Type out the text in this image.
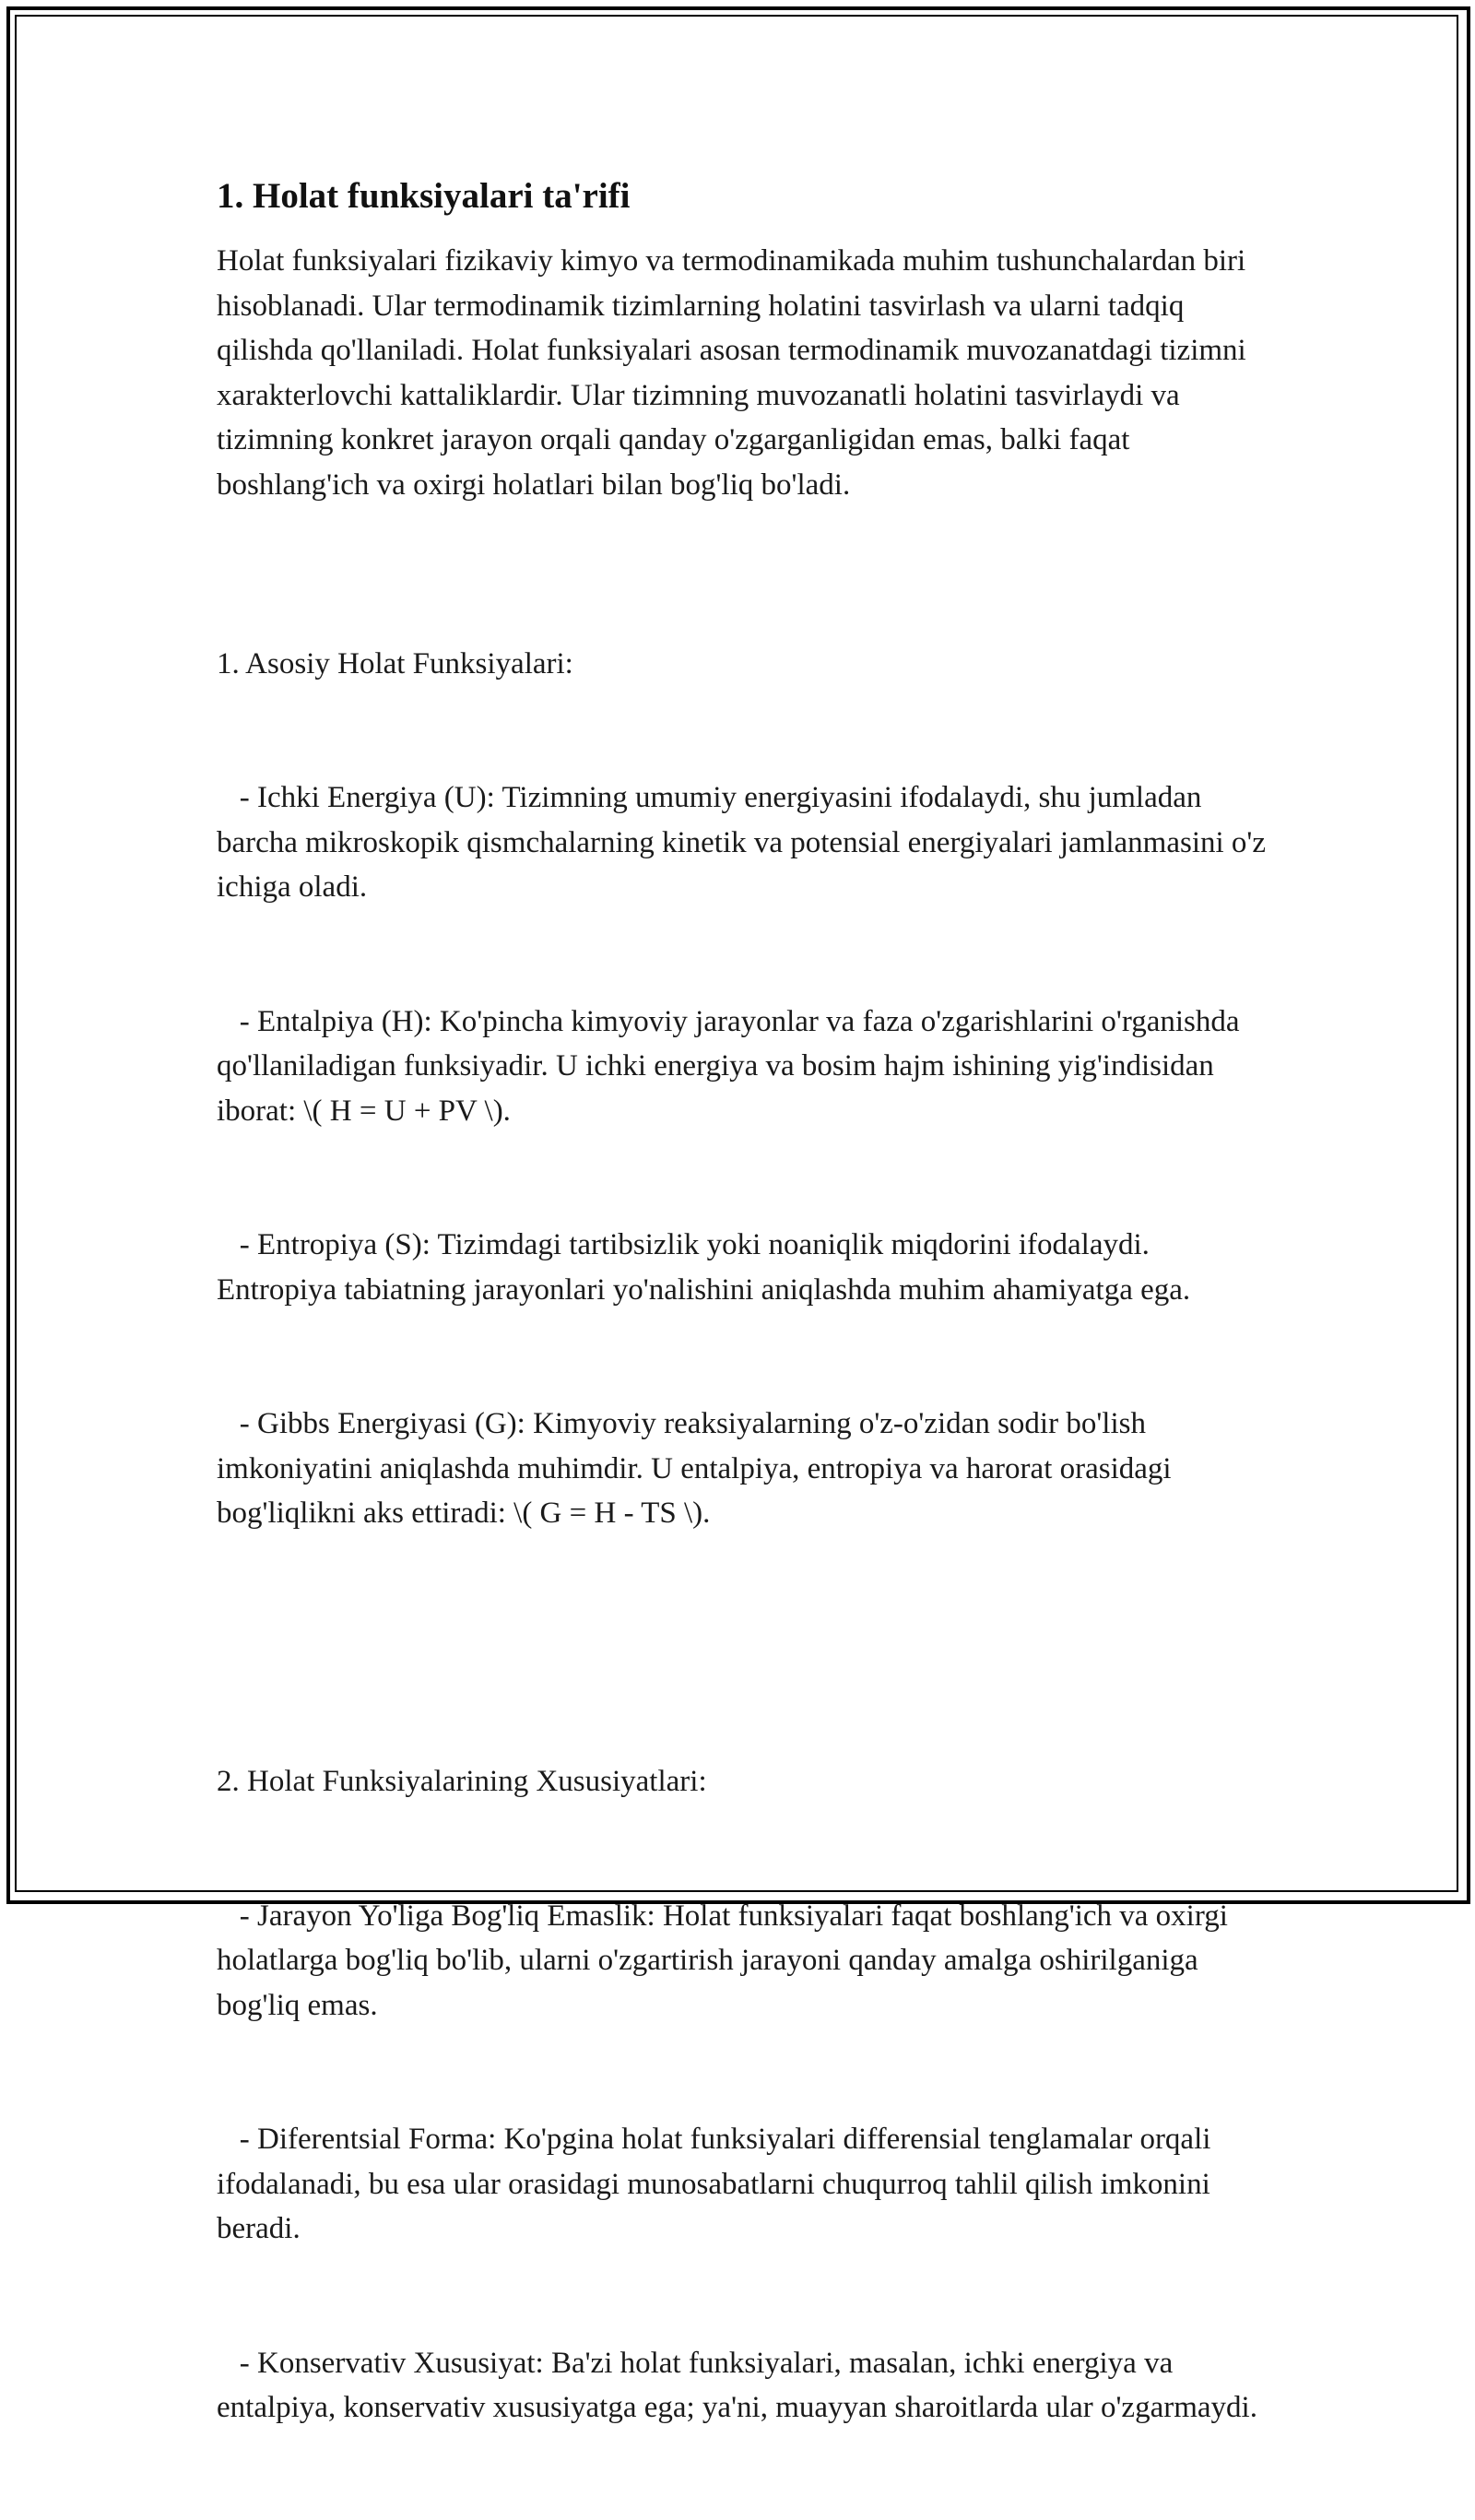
1. Holat funksiyalari ta'rifi

Holat funksiyalari fizikaviy kimyo va termodinamikada muhim tushunchalardan biri hisoblanadi. Ular termodinamik tizimlarning holatini tasvirlash va ularni tadqiq qilishda qo'llaniladi. Holat funksiyalari asosan termodinamik muvozanatdagi tizimni xarakterlovchi kattaliklardir. Ular tizimning muvozanatli holatini tasvirlaydi va tizimning konkret jarayon orqali qanday o'zgarganligidan emas, balki faqat boshlang'ich va oxirgi holatlari bilan bog'liq bo'ladi.

1. Asosiy Holat Funksiyalari:

- Ichki Energiya (U): Tizimning umumiy energiyasini ifodalaydi, shu jumladan barcha mikroskopik qismchalarning kinetik va potensial energiyalari jamlanmasini o'z ichiga oladi.

- Entalpiya (H): Ko'pincha kimyoviy jarayonlar va faza o'zgarishlarini o'rganishda qo'llaniladigan funksiyadir. U ichki energiya va bosim hajm ishining yig'indisidan iborat: \( H = U + PV \).

- Entropiya (S): Tizimdagi tartibsizlik yoki noaniqlik miqdorini ifodalaydi. Entropiya tabiatning jarayonlari yo'nalishini aniqlashda muhim ahamiyatga ega.

- Gibbs Energiyasi (G): Kimyoviy reaksiyalarning o'z-o'zidan sodir bo'lish imkoniyatini aniqlashda muhimdir. U entalpiya, entropiya va harorat orasidagi bog'liqlikni aks ettiradi: \( G = H - TS \).

2. Holat Funksiyalarining Xususiyatlari:

- Jarayon Yo'liga Bog'liq Emaslik: Holat funksiyalari faqat boshlang'ich va oxirgi holatlarga bog'liq bo'lib, ularni o'zgartirish jarayoni qanday amalga oshirilganiga bog'liq emas.

- Diferentsial Forma: Ko'pgina holat funksiyalari differensial tenglamalar orqali ifodalanadi, bu esa ular orasidagi munosabatlarni chuqurroq tahlil qilish imkonini beradi.

- Konservativ Xususiyat: Ba'zi holat funksiyalari, masalan, ichki energiya va entalpiya, konservativ xususiyatga ega; ya'ni, muayyan sharoitlarda ular o'zgarmaydi.
